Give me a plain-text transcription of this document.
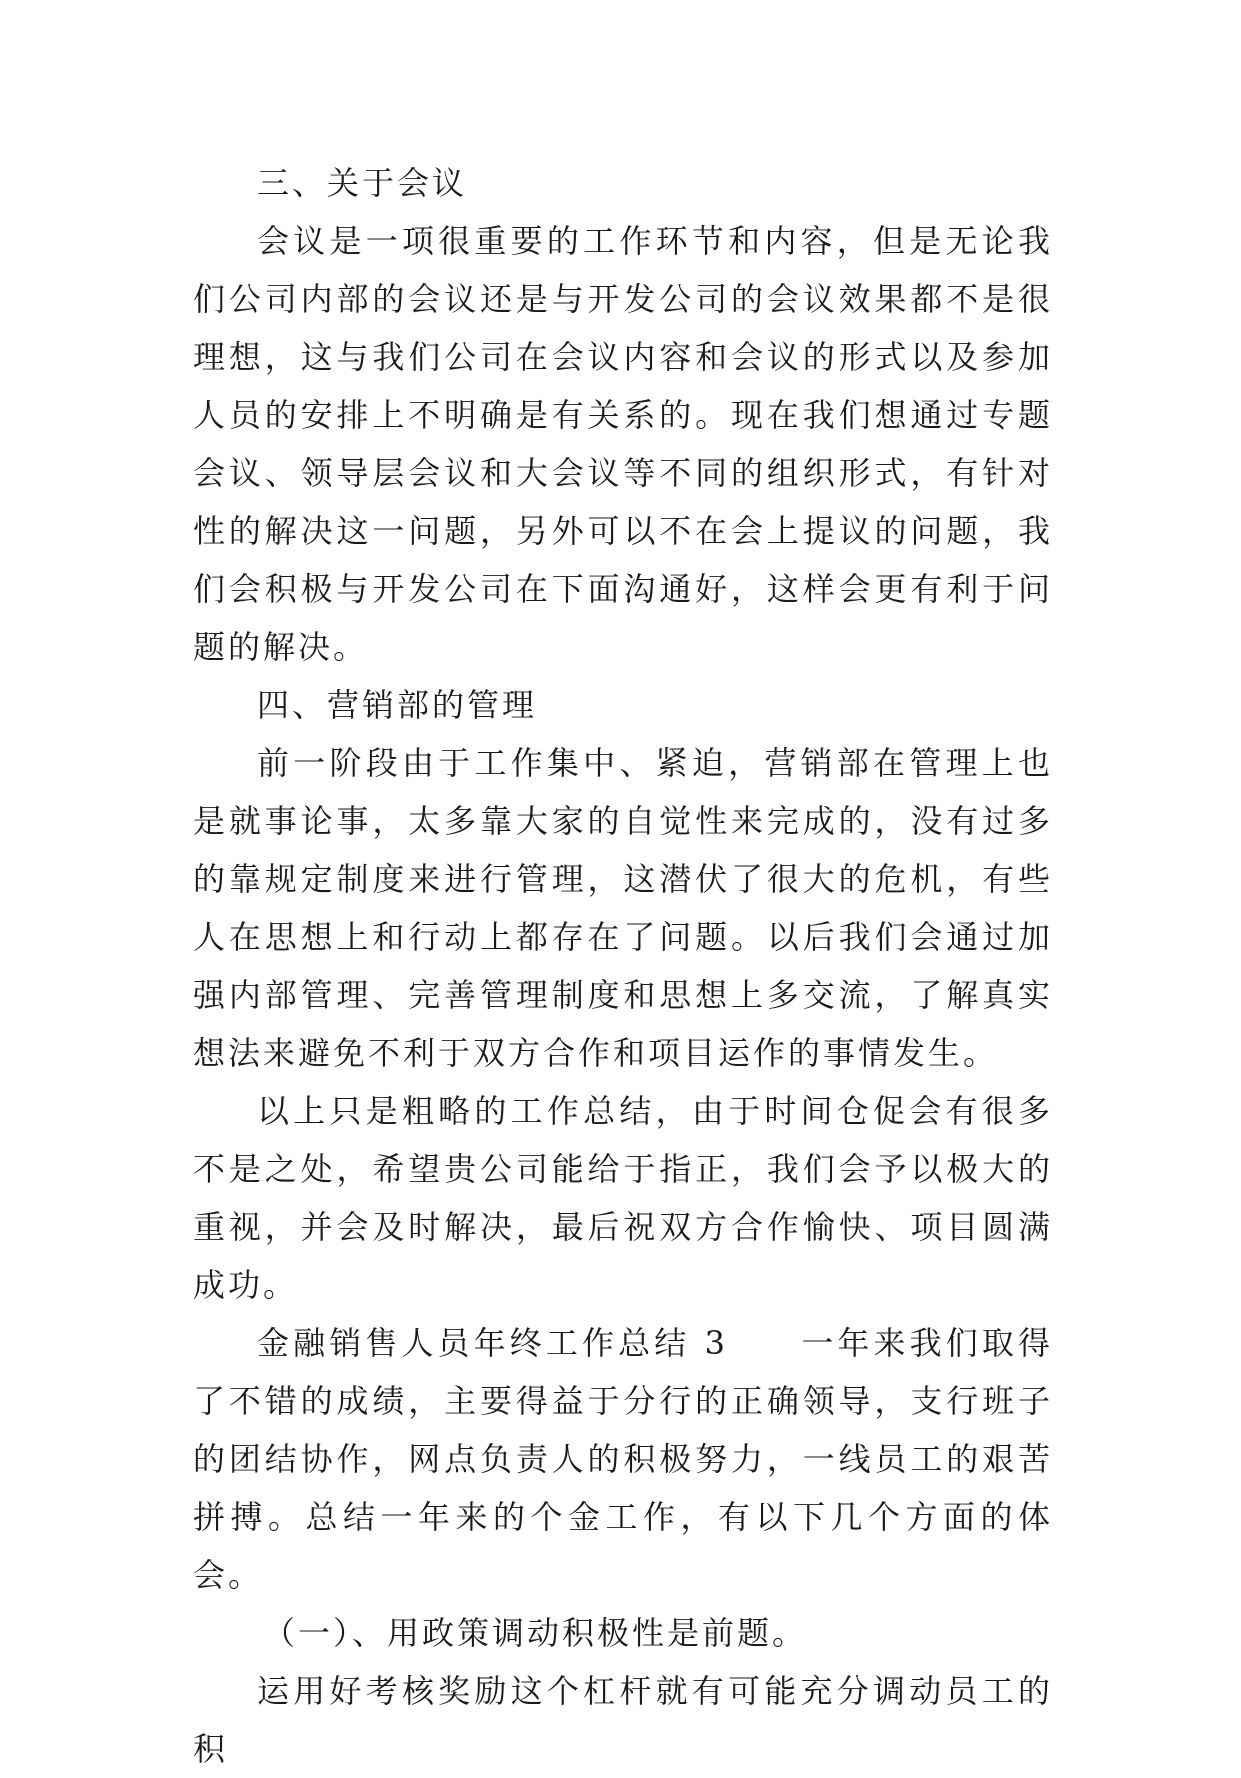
三、关于会议

会议是一项很重要的工作环节和内容，但是无论我们公司内部的会议还是与开发公司的会议效果都不是很理想，这与我们公司在会议内容和会议的形式以及参加人员的安排上不明确是有关系的。现在我们想通过专题会议、领导层会议和大会议等不同的组织形式，有针对性的解决这一问题，另外可以不在会上提议的问题，我们会积极与开发公司在下面沟通好，这样会更有利于问题的解决。

四、营销部的管理

前一阶段由于工作集中、紧迫，营销部在管理上也是就事论事，太多靠大家的自觉性来完成的，没有过多的靠规定制度来进行管理，这潜伏了很大的危机，有些人在思想上和行动上都存在了问题。以后我们会通过加强内部管理、完善管理制度和思想上多交流，了解真实想法来避免不利于双方合作和项目运作的事情发生。

以上只是粗略的工作总结，由于时间仓促会有很多不是之处，希望贵公司能给于指正，我们会予以极大的重视，并会及时解决，最后祝双方合作愉快、项目圆满成功。

金融销售人员年终工作总结 3　　一年来我们取得了不错的成绩，主要得益于分行的正确领导，支行班子的团结协作，网点负责人的积极努力，一线员工的艰苦拼搏。总结一年来的个金工作，有以下几个方面的体会。

（一）、用政策调动积极性是前题。

运用好考核奖励这个杠杆就有可能充分调动员工的积
